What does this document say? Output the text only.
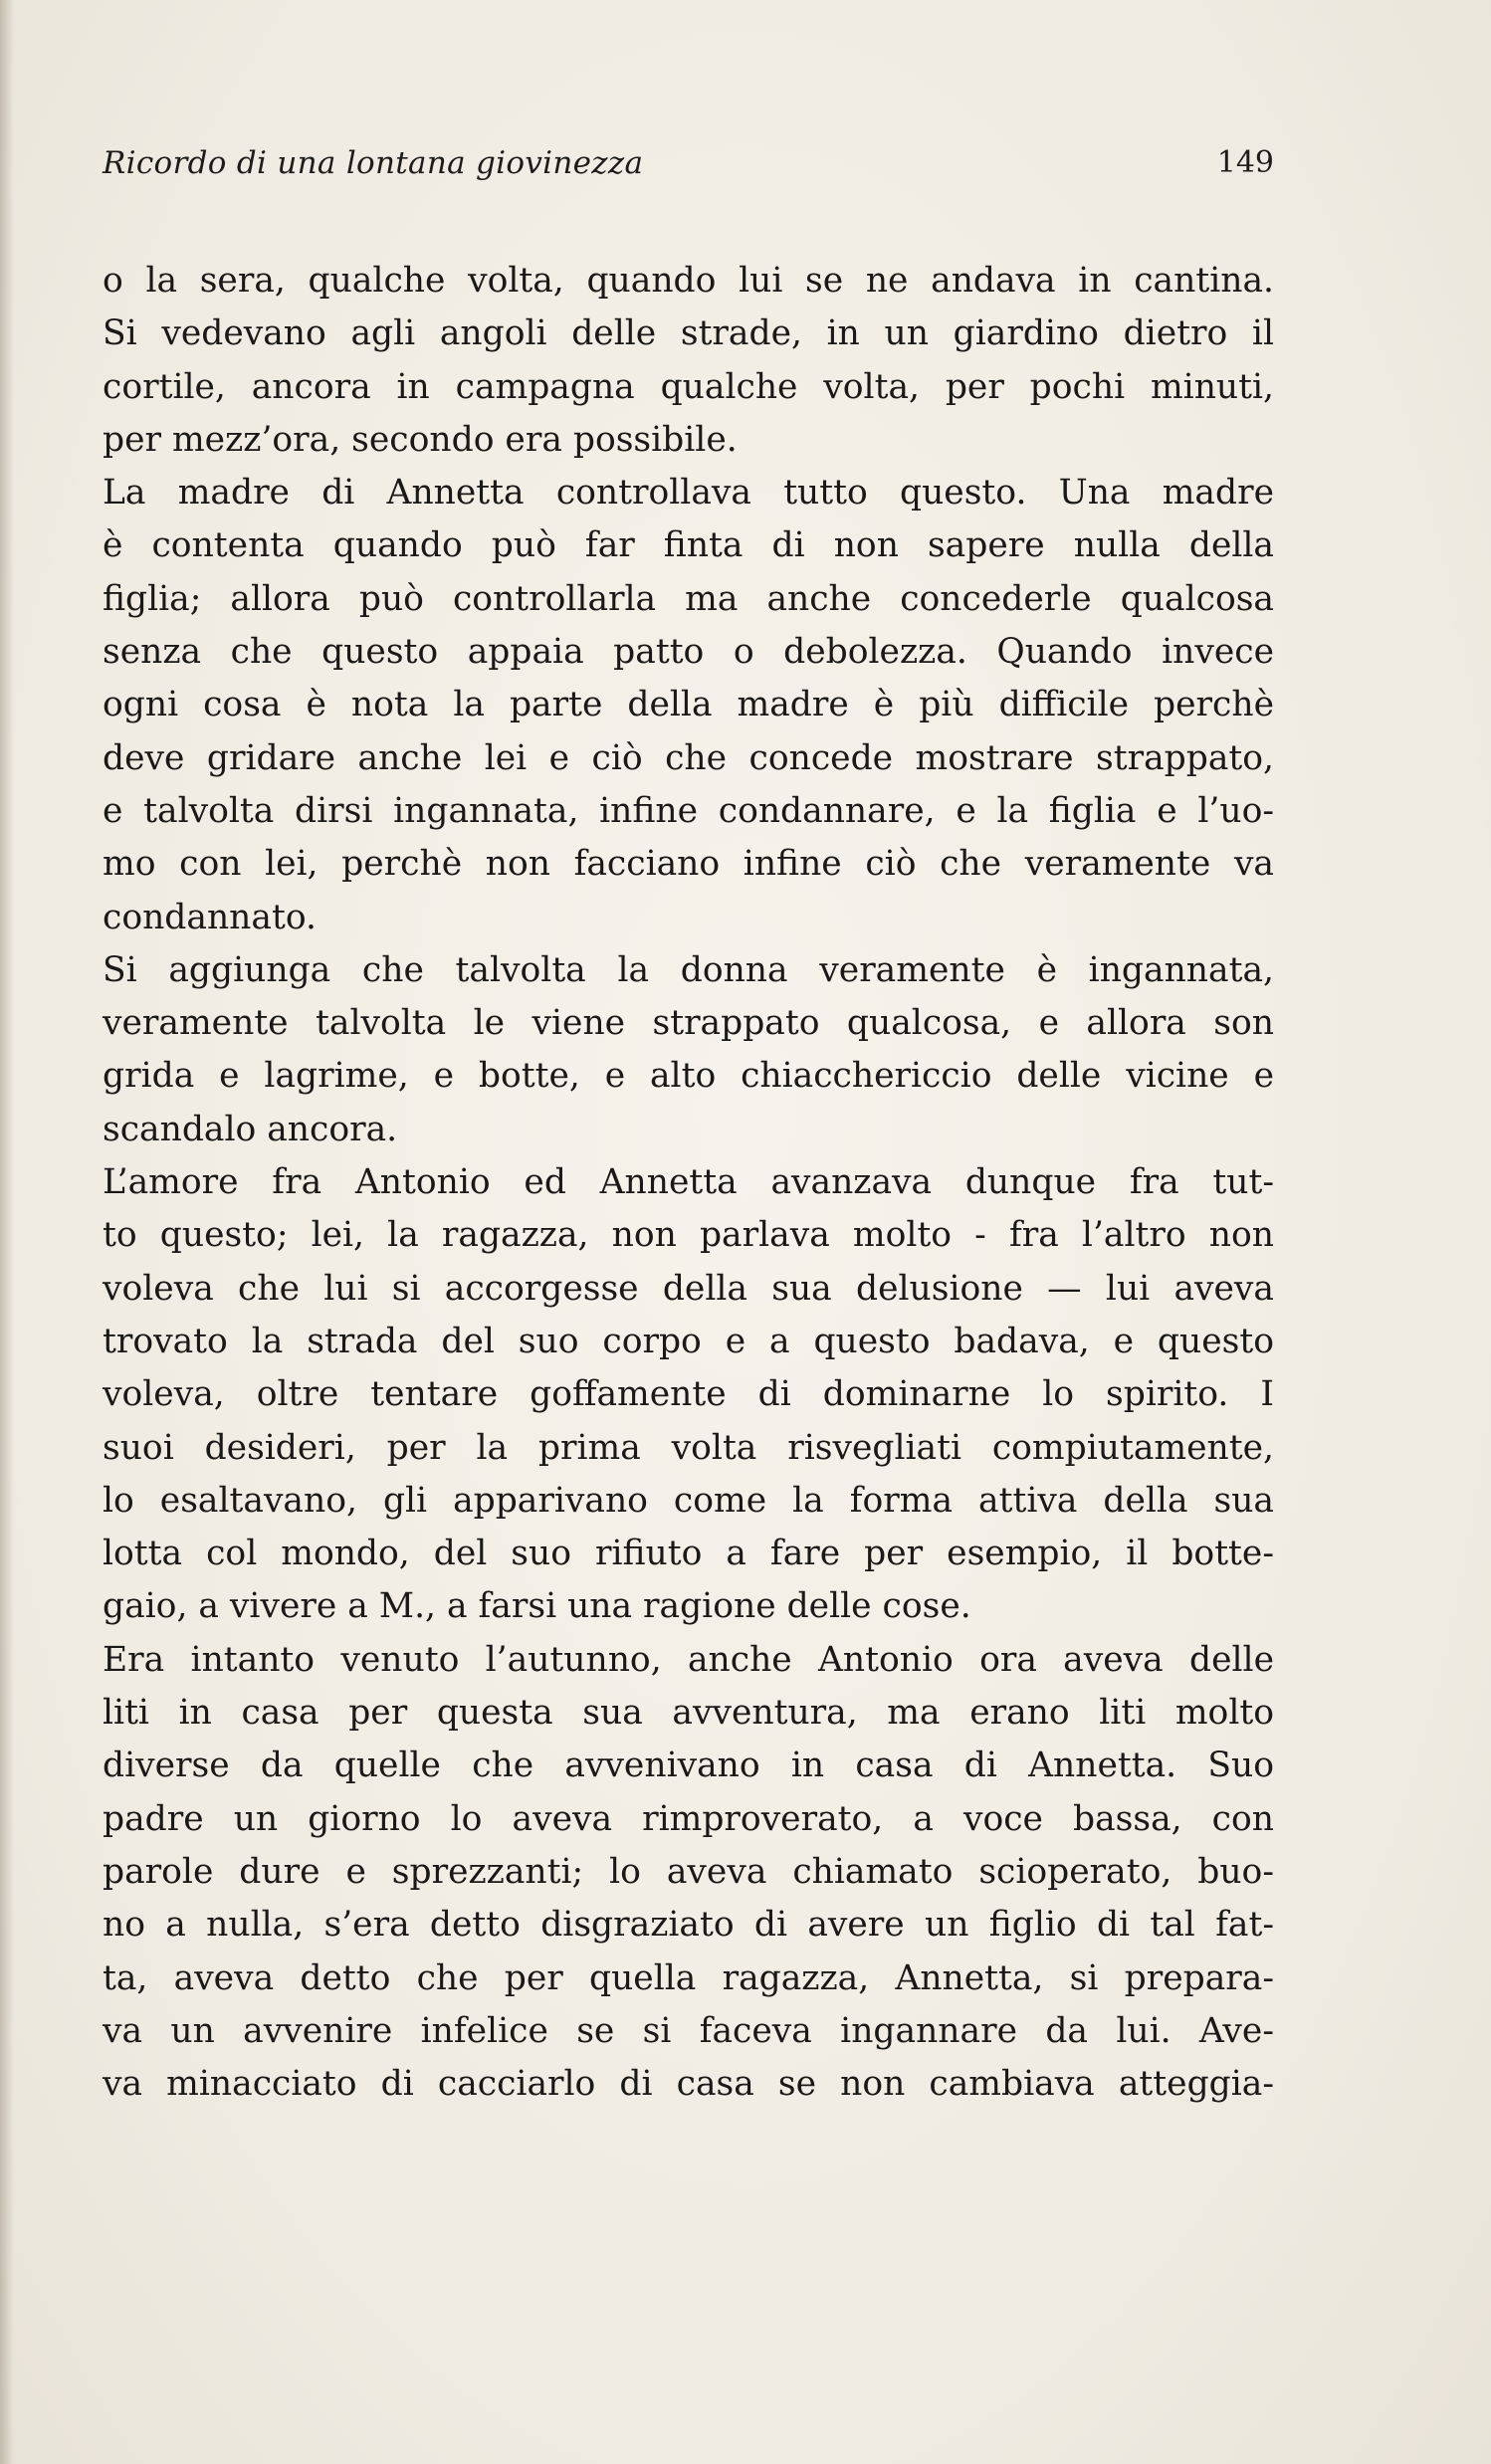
Ricordo di una lontana giovinezza	149
o la sera, qualche volta, quando lui se ne andava in cantina.
Si vedevano agli angoli delle strade, in un giardino dietro il
cortile, ancora in campagna qualche volta, per pochi minuti,
per mezz’ora, secondo era possibile.
La madre di Annetta controllava tutto questo. Una madre
è contenta quando può far finta di non sapere nulla della
figlia; allora può controllarla ma anche concederle qualcosa
senza che questo appaia patto o debolezza. Quando invece
ogni cosa è nota la parte della madre è più difficile perchè
deve gridare anche lei e ciò che concede mostrare strappato,
e talvolta dirsi ingannata, infine condannare, e la figlia e l’uo-
mo con lei, perchè non facciano infine ciò che veramente va
condannato.
Si aggiunga che talvolta la donna veramente è ingannata,
veramente talvolta le viene strappato qualcosa, e allora son
grida e lagrime, e botte, e alto chiacchericcio delle vicine e
scandalo ancora.
L’amore fra Antonio ed Annetta avanzava dunque fra tut-
to questo; lei, la ragazza, non parlava molto - fra l’altro non
voleva che lui si accorgesse della sua delusione — lui aveva
trovato la strada del suo corpo e a questo badava, e questo
voleva, oltre tentare goffamente di dominarne lo spirito. I
suoi desideri, per la prima volta risvegliati compiutamente,
lo esaltavano, gli apparivano come la forma attiva della sua
lotta col mondo, del suo rifiuto a fare per esempio, il botte-
gaio, a vivere a M., a farsi una ragione delle cose.
Era intanto venuto l’autunno, anche Antonio ora aveva delle
liti in casa per questa sua avventura, ma erano liti molto
diverse da quelle che avvenivano in casa di Annetta. Suo
padre un giorno lo aveva rimproverato, a voce bassa, con
parole dure e sprezzanti; lo aveva chiamato scioperato, buo-
no a nulla, s’era detto disgraziato di avere un figlio di tal fat-
ta, aveva detto che per quella ragazza, Annetta, si prepara-
va un avvenire infelice se si faceva ingannare da lui. Ave-
va minacciato di cacciarlo di casa se non cambiava atteggia-
